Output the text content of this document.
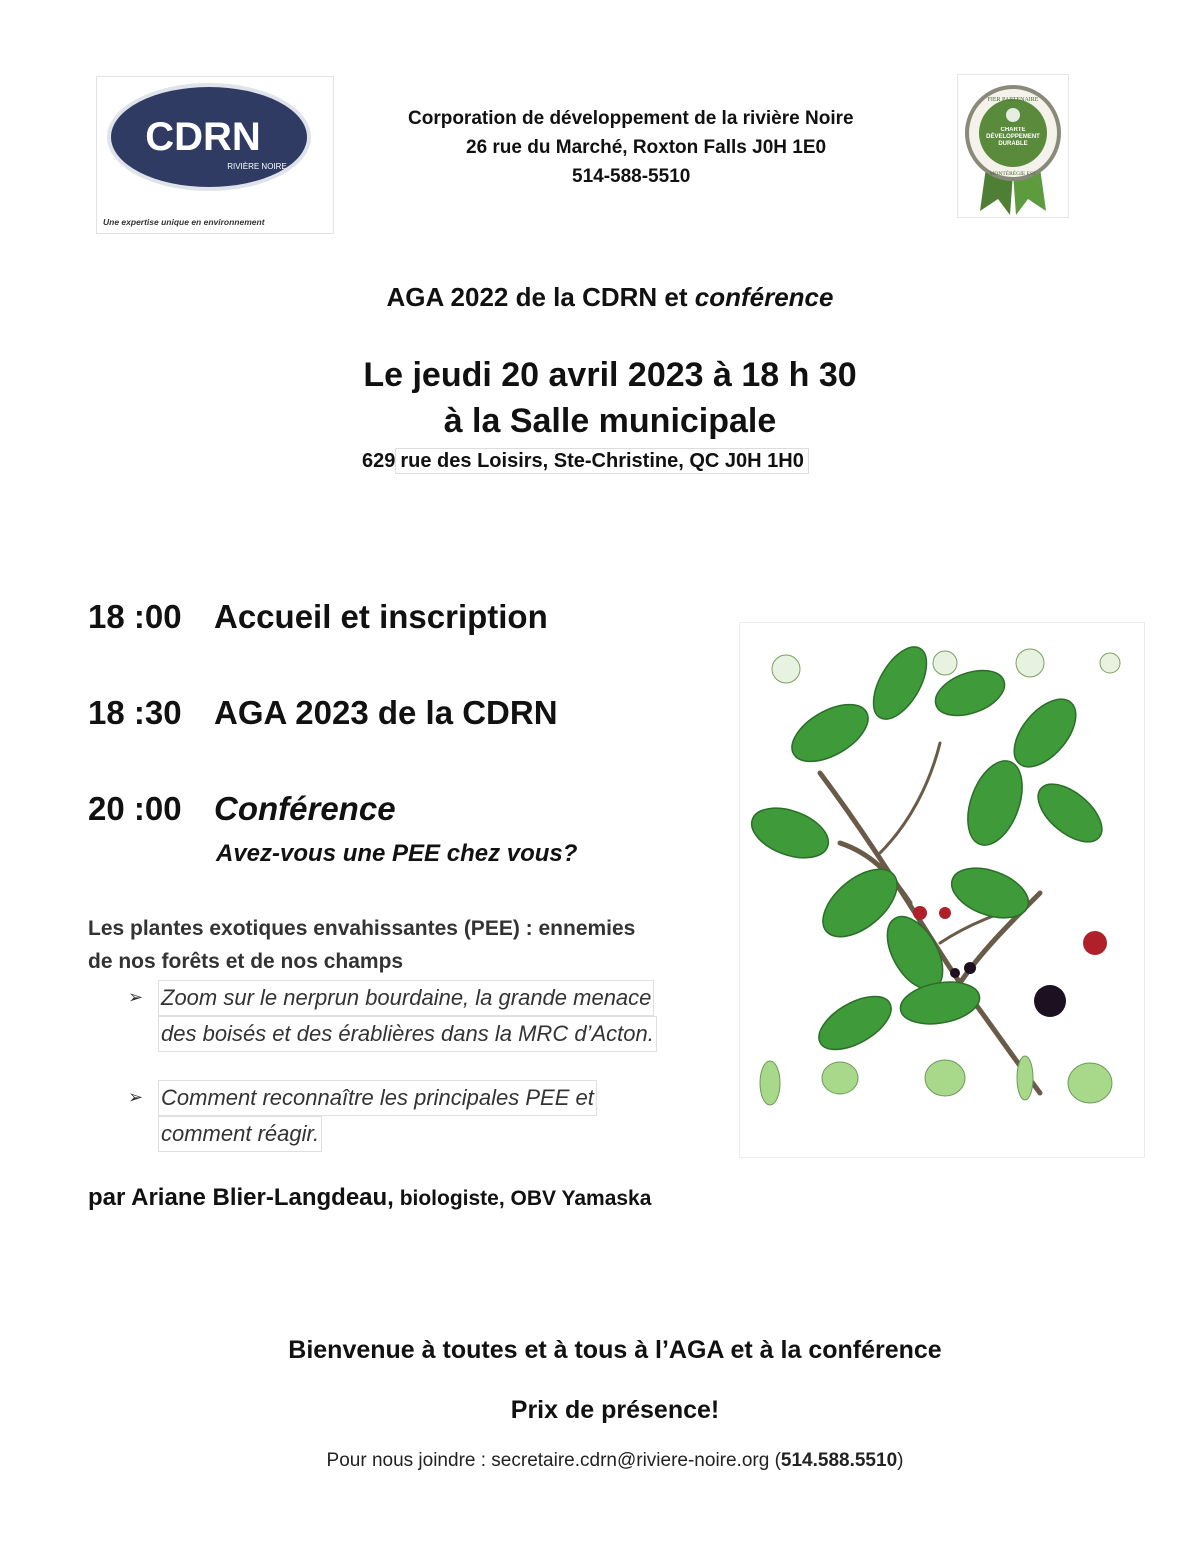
CDRN
RIVIÈRE NOIRE
Une expertise unique en environnement
Corporation de développement de la rivière Noire
26 rue du Marché, Roxton Falls J0H 1E0
514-588-5510
FIER PARTENAIRE
CHARTE DÉVELOPPEMENT DURABLE
MONTÉRÉGIE EST
AGA 2022 de la CDRN et conférence
Le jeudi 20 avril 2023 à 18 h 30
à la Salle municipale
629 rue des Loisirs, Ste-Christine, QC J0H 1H0
18 :00 Accueil et inscription
18 :30 AGA 2023 de la CDRN
20 :00 Conférence
Avez-vous une PEE chez vous?
Les plantes exotiques envahissantes (PEE) : ennemies
de nos forêts et de nos champs
➢ Zoom sur le nerprun bourdaine, la grande menace
des boisés et des érablières dans la MRC d’Acton.
➢ Comment reconnaître les principales PEE et
comment réagir.
par Ariane Blier-Langdeau, biologiste, OBV Yamaska
Bienvenue à toutes et à tous à l’AGA et à la conférence
Prix de présence!
Pour nous joindre : secretaire.cdrn@riviere-noire.org (514.588.5510)
